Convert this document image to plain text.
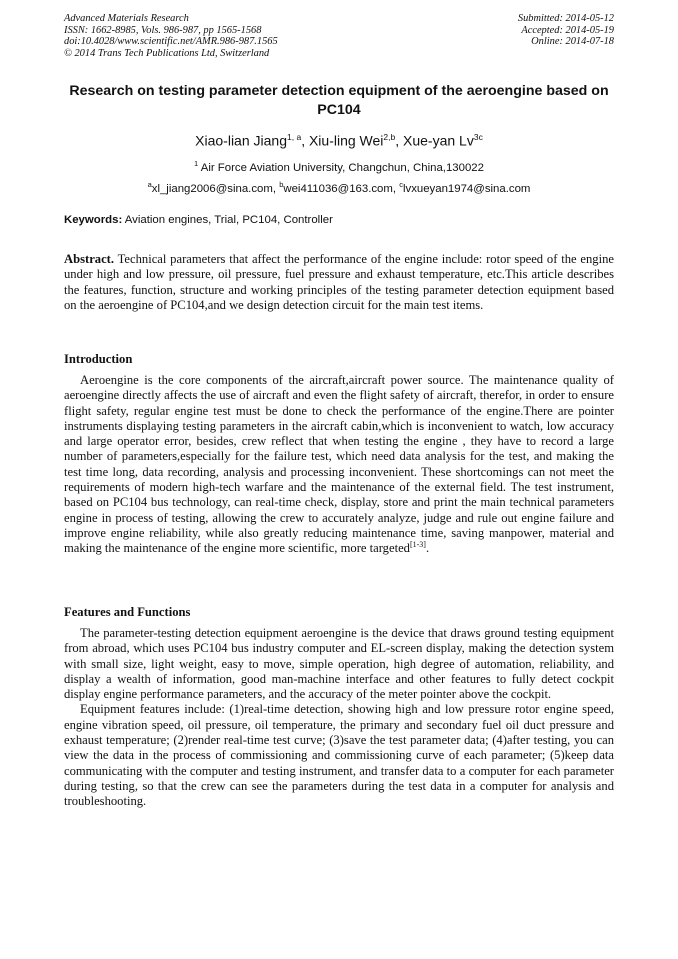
Advanced Materials Research
ISSN: 1662-8985, Vols. 986-987, pp 1565-1568
doi:10.4028/www.scientific.net/AMR.986-987.1565
© 2014 Trans Tech Publications Ltd, Switzerland
Submitted: 2014-05-12
Accepted: 2014-05-19
Online: 2014-07-18
Research on testing parameter detection equipment of the aeroengine based on PC104
Xiao-lian Jiang$^{1, a}$, Xiu-ling Wei$^{2,b}$, Xue-yan $Lv^{3c}$
$^1$ Air Force Aviation University, Changchun, China,130022
$^a$xl_jiang2006@sina.com, $^b$wei411036@163.com, $^c$lvxueyan1974@sina.com
Keywords: Aviation engines, Trial, PC104, Controller

Abstract. Technical parameters that affect the performance of the engine include: rotor speed of the engine under high and low pressure, oil pressure, fuel pressure and exhaust temperature, etc.This article describes the features, function, structure and working principles of the testing parameter detection equipment based on the aeroengine of PC104,and we design detection circuit for the main test items.

Introduction

Aeroengine is the core components of the aircraft,aircraft power source. The maintenance quality of aeroengine directly affects the use of aircraft and even the flight safety of aircraft, therefor, in order to ensure flight safety, regular engine test must be done to check the performance of the engine.There are pointer instruments displaying testing parameters in the aircraft cabin,which is inconvenient to watch, low accuracy and large operator error, besides, crew reflect that when testing the engine , they have to record a large number of parameters,especially for the failure test, which need data analysis for the test, and making the test time long, data recording, analysis and processing inconvenient. These shortcomings can not meet the requirements of modern high-tech warfare and the maintenance of the external field. The test instrument, based on PC104 bus technology, can real-time check, display, store and print the main technical parameters engine in process of testing, allowing the crew to accurately analyze, judge and rule out engine failure and improve engine reliability, while also greatly reducing maintenance time, saving manpower, material and making the maintenance of the engine more scientific, more targeted[1-3].

Features and Functions

The parameter-testing detection equipment aeroengine is the device that draws ground testing equipment from abroad, which uses PC104 bus industry computer and EL-screen display, making the detection system with small size, light weight, easy to move, simple operation, high degree of automation, reliability, and display a wealth of information, good man-machine interface and other features to fully detect cockpit display engine performance parameters, and the accuracy of the meter pointer above the cockpit.

Equipment features include: (1)real-time detection, showing high and low pressure rotor engine speed, engine vibration speed, oil pressure, oil temperature, the primary and secondary fuel oil duct pressure and exhaust temperature; (2)render real-time test curve; (3)save the test parameter data; (4)after testing, you can view the data in the process of commissioning and commissioning curve of each parameter; (5)keep data communicating with the computer and testing instrument, and transfer data to a computer for each parameter during testing, so that the crew can see the parameters during the test data in a computer for analysis and troubleshooting.
